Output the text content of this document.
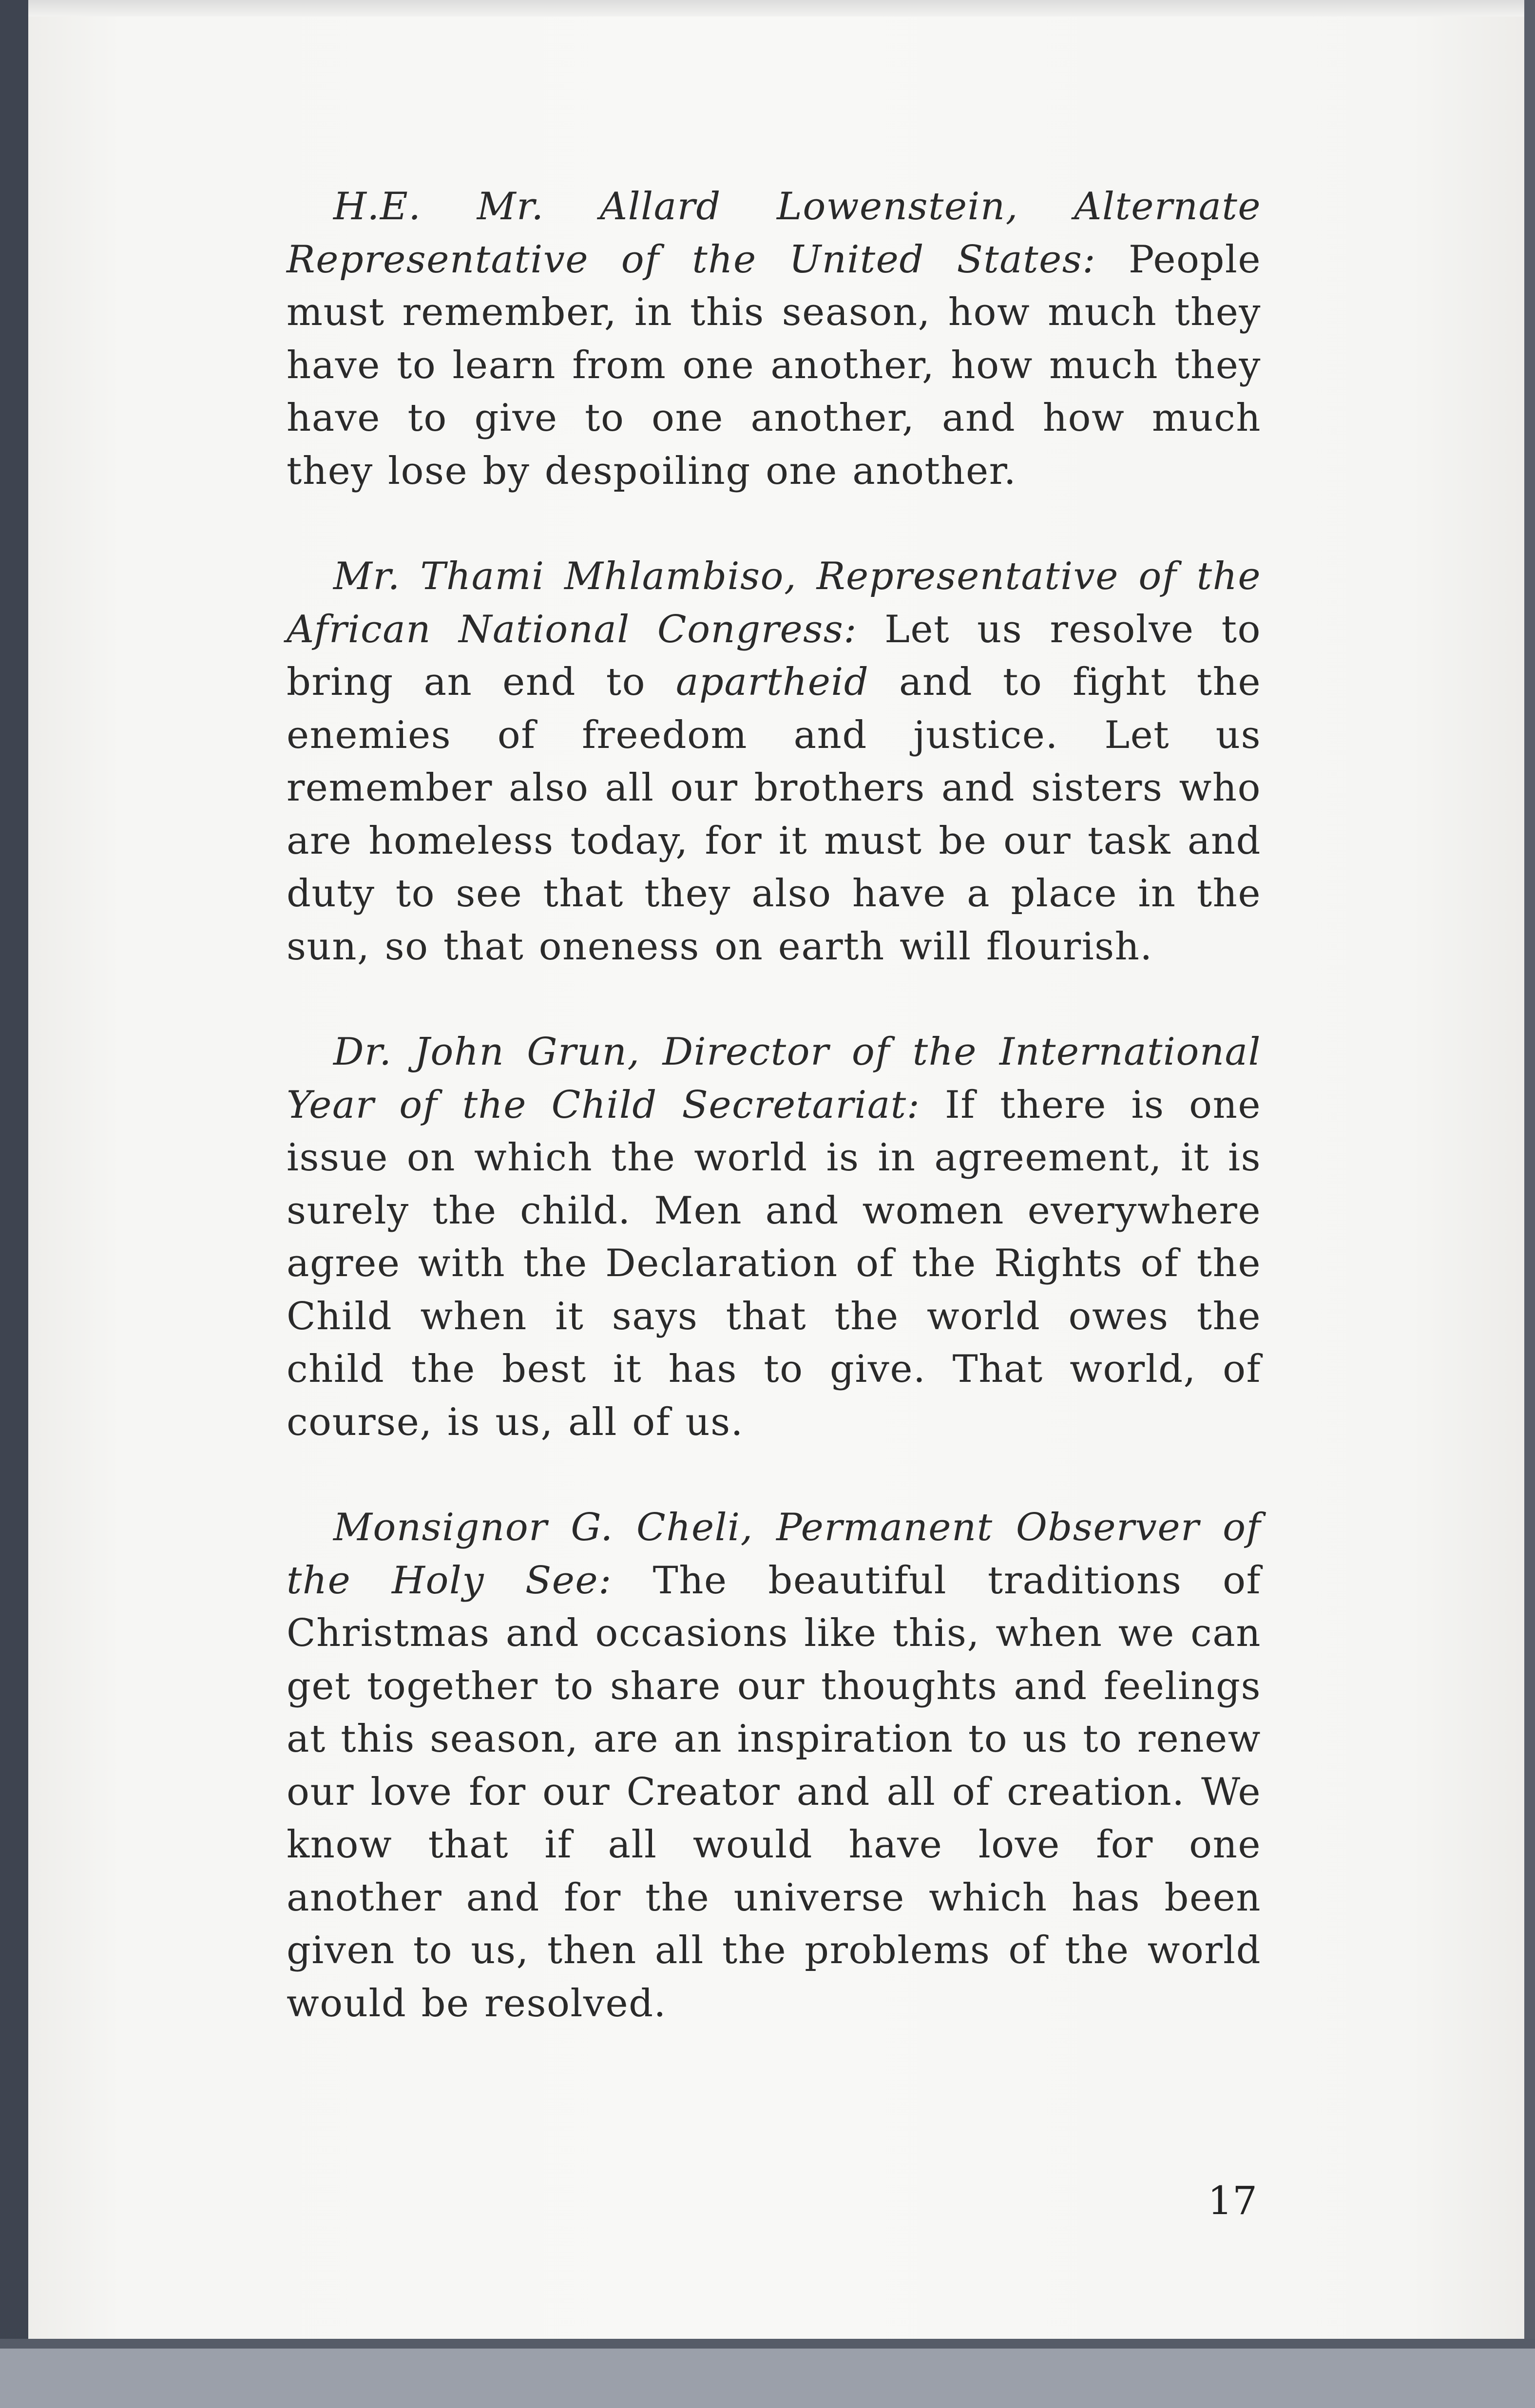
H.E. Mr. Allard Lowenstein, Alternate Representative of the United States: People must remember, in this season, how much they have to learn from one another, how much they have to give to one another, and how much they lose by despoiling one another.

Mr. Thami Mhlambiso, Representative of the African National Congress: Let us resolve to bring an end to apartheid and to fight the enemies of freedom and justice. Let us remember also all our brothers and sisters who are homeless today, for it must be our task and duty to see that they also have a place in the sun, so that oneness on earth will flourish.

Dr. John Grun, Director of the International Year of the Child Secretariat: If there is one issue on which the world is in agreement, it is surely the child. Men and women everywhere agree with the Declaration of the Rights of the Child when it says that the world owes the child the best it has to give. That world, of course, is us, all of us.

Monsignor G. Cheli, Permanent Observer of the Holy See: The beautiful traditions of Christmas and occasions like this, when we can get together to share our thoughts and feelings at this season, are an inspiration to us to renew our love for our Creator and all of creation. We know that if all would have love for one another and for the universe which has been given to us, then all the problems of the world would be resolved.

17
